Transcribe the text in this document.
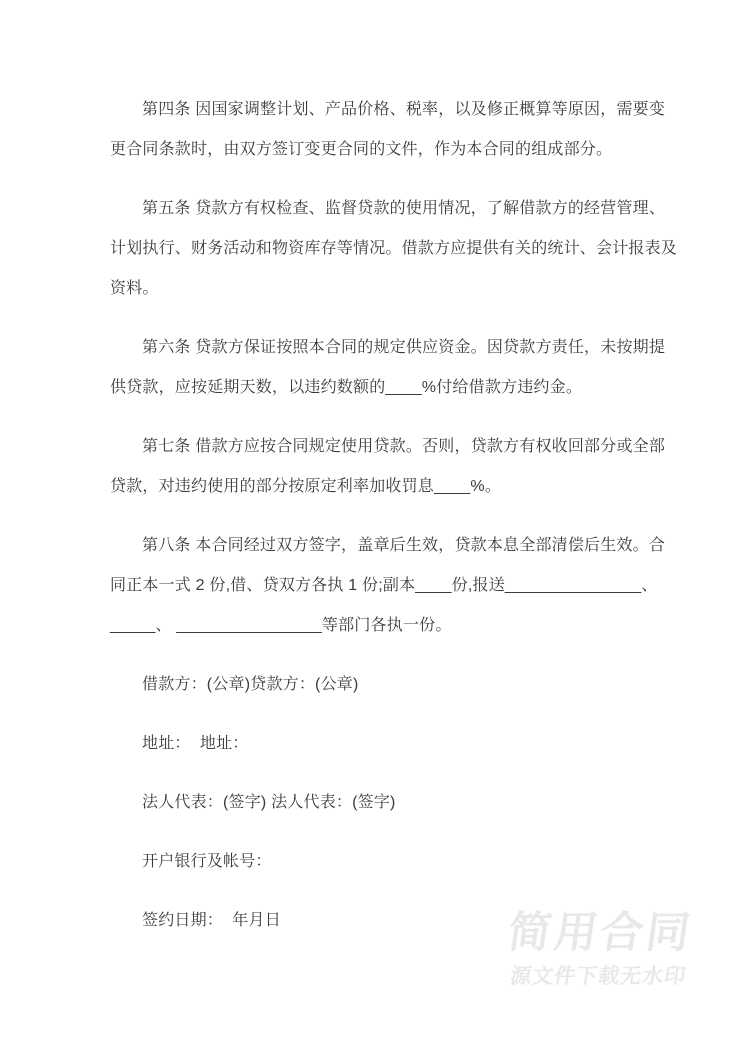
第四条 因国家调整计划、产品价格、税率，以及修正概算等原因，需要变
更合同条款时，由双方签订变更合同的文件，作为本合同的组成部分。
第五条 贷款方有权检查、监督贷款的使用情况，了解借款方的经营管理、
计划执行、财务活动和物资库存等情况。借款方应提供有关的统计、会计报表及
资料。
第六条 贷款方保证按照本合同的规定供应资金。因贷款方责任，未按期提
供贷款，应按延期天数，以违约数额的____%付给借款方违约金。
第七条 借款方应按合同规定使用贷款。否则，贷款方有权收回部分或全部
贷款，对违约使用的部分按原定利率加收罚息____%。
第八条 本合同经过双方签字，盖章后生效，贷款本息全部清偿后生效。合
同正本一式 2 份,借、贷双方各执 1 份;副本____份,报送_______________、
_____、 ________________等部门各执一份。
借款方：(公章)贷款方：(公章)
地址：  地址：
法人代表：(签字) 法人代表：(签字)
开户银行及帐号：
签约日期：  年月日	简用合同
源文件下载无水印
